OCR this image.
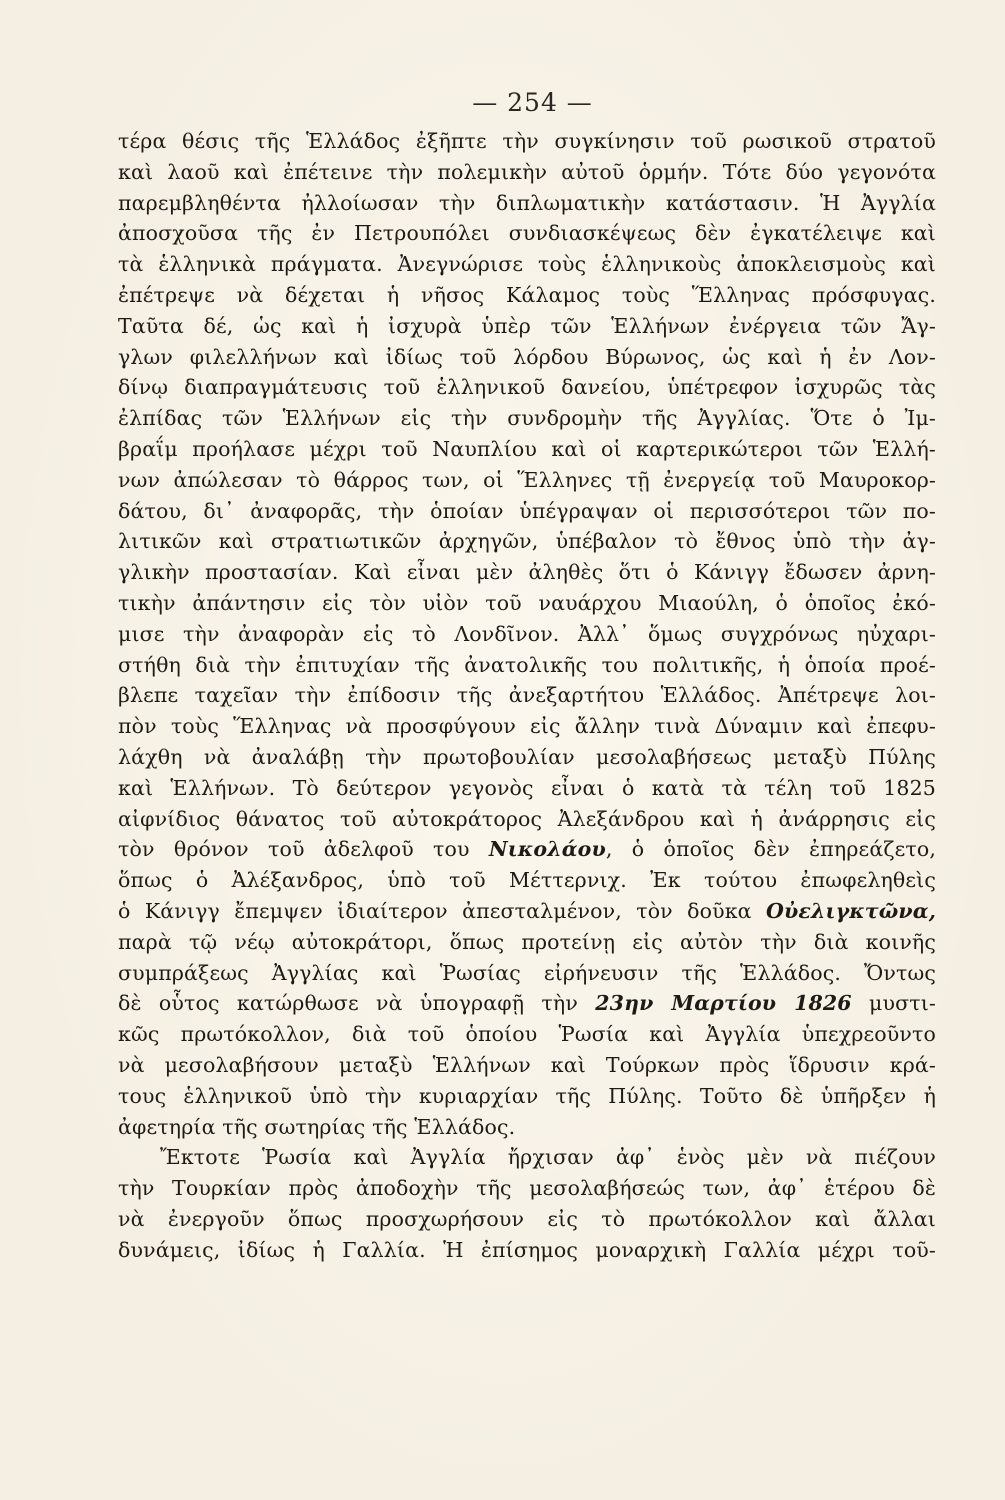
— 254 —
τέρα θέσις τῆς Ἑλλάδος ἐξῆπτε τὴν συγκίνησιν τοῦ ρωσικοῦ στρατοῦ
καὶ λαοῦ καὶ ἐπέτεινε τὴν πολεμικὴν αὐτοῦ ὁρμήν. Τότε δύο γεγονότα
παρεμβληθέντα ἠλλοίωσαν τὴν διπλωματικὴν κατάστασιν. Ἡ Ἀγγλία
ἀποσχοῦσα τῆς ἐν Πετρουπόλει συνδιασκέψεως δὲν ἐγκατέλειψε καὶ
τὰ ἑλληνικὰ πράγματα. Ἀνεγνώρισε τοὺς ἑλληνικοὺς ἀποκλεισμοὺς καὶ
ἐπέτρεψε νὰ δέχεται ἡ νῆσος Κάλαμος τοὺς Ἕλληνας πρόσφυγας.
Ταῦτα δέ, ὡς καὶ ἡ ἰσχυρὰ ὑπὲρ τῶν Ἑλλήνων ἐνέργεια τῶν Ἄγ-
γλων φιλελλήνων καὶ ἰδίως τοῦ λόρδου Βύρωνος, ὡς καὶ ἡ ἐν Λον-
δίνῳ διαπραγμάτευσις τοῦ ἑλληνικοῦ δανείου, ὑπέτρεφον ἰσχυρῶς τὰς
ἐλπίδας τῶν Ἑλλήνων εἰς τὴν συνδρομὴν τῆς Ἀγγλίας. Ὅτε ὁ Ἰμ-
βραΐμ προήλασε μέχρι τοῦ Ναυπλίου καὶ οἱ καρτερικώτεροι τῶν Ἑλλή-
νων ἀπώλεσαν τὸ θάρρος των, οἱ Ἕλληνες τῇ ἐνεργείᾳ τοῦ Μαυροκορ-
δάτου, δι᾽ ἀναφορᾶς, τὴν ὁποίαν ὑπέγραψαν οἱ περισσότεροι τῶν πο-
λιτικῶν καὶ στρατιωτικῶν ἀρχηγῶν, ὑπέβαλον τὸ ἔθνος ὑπὸ τὴν ἀγ-
γλικὴν προστασίαν. Καὶ εἶναι μὲν ἀληθὲς ὅτι ὁ Κάνιγγ ἔδωσεν ἀρνη-
τικὴν ἀπάντησιν εἰς τὸν υἱὸν τοῦ ναυάρχου Μιαούλη, ὁ ὁποῖος ἐκό-
μισε τὴν ἀναφορὰν εἰς τὸ Λονδῖνον. Ἀλλ᾽ ὅμως συγχρόνως ηὐχαρι-
στήθη διὰ τὴν ἐπιτυχίαν τῆς ἀνατολικῆς του πολιτικῆς, ἡ ὁποία προέ-
βλεπε ταχεῖαν τὴν ἐπίδοσιν τῆς ἀνεξαρτήτου Ἑλλάδος. Ἀπέτρεψε λοι-
πὸν τοὺς Ἕλληνας νὰ προσφύγουν εἰς ἄλλην τινὰ Δύναμιν καὶ ἐπεφυ-
λάχθη νὰ ἀναλάβῃ τὴν πρωτοβουλίαν μεσολαβήσεως μεταξὺ Πύλης
καὶ Ἑλλήνων. Τὸ δεύτερον γεγονὸς εἶναι ὁ κατὰ τὰ τέλη τοῦ 1825
αἰφνίδιος θάνατος τοῦ αὐτοκράτορος Ἀλεξάνδρου καὶ ἡ ἀνάρρησις εἰς
τὸν θρόνον τοῦ ἀδελφοῦ του Νικολάου, ὁ ὁποῖος δὲν ἐπηρεάζετο,
ὅπως ὁ Ἀλέξανδρος, ὑπὸ τοῦ Μέττερνιχ. Ἐκ τούτου ἐπωφεληθεὶς
ὁ Κάνιγγ ἔπεμψεν ἰδιαίτερον ἀπεσταλμένον, τὸν δοῦκα Οὐελιγκτῶνα,
παρὰ τῷ νέῳ αὐτοκράτορι, ὅπως προτείνῃ εἰς αὐτὸν τὴν διὰ κοινῆς
συμπράξεως Ἀγγλίας καὶ Ῥωσίας εἰρήνευσιν τῆς Ἑλλάδος. Ὄντως
δὲ οὗτος κατώρθωσε νὰ ὑπογραφῇ τὴν 23ην Μαρτίου 1826 μυστι-
κῶς πρωτόκολλον, διὰ τοῦ ὁποίου Ῥωσία καὶ Ἀγγλία ὑπεχρεοῦντο
νὰ μεσολαβήσουν μεταξὺ Ἑλλήνων καὶ Τούρκων πρὸς ἵδρυσιν κρά-
τους ἑλληνικοῦ ὑπὸ τὴν κυριαρχίαν τῆς Πύλης. Τοῦτο δὲ ὑπῆρξεν ἡ
ἀφετηρία τῆς σωτηρίας τῆς Ἑλλάδος.
Ἔκτοτε Ῥωσία καὶ Ἀγγλία ἤρχισαν ἀφ᾽ ἑνὸς μὲν νὰ πιέζουν
τὴν Τουρκίαν πρὸς ἀποδοχὴν τῆς μεσολαβήσεώς των, ἀφ᾽ ἑτέρου δὲ
νὰ ἐνεργοῦν ὅπως προσχωρήσουν εἰς τὸ πρωτόκολλον καὶ ἄλλαι
δυνάμεις, ἰδίως ἡ Γαλλία. Ἡ ἐπίσημος μοναρχικὴ Γαλλία μέχρι τοῦ-
